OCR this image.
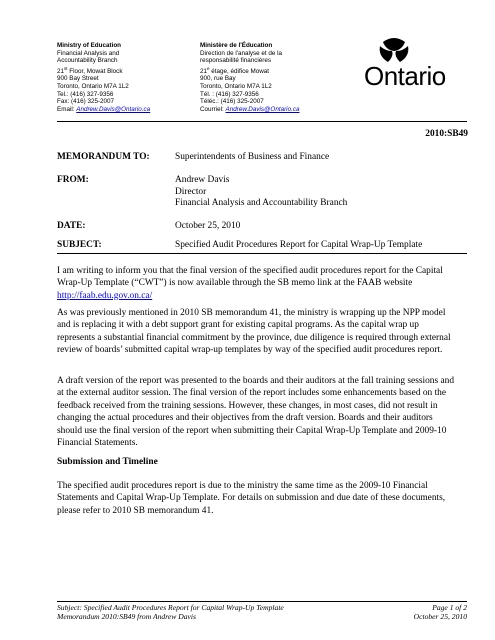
Ministry of Education
Financial Analysis and
Accountability Branch
21st Floor, Mowat Block
900 Bay Street
Toronto, Ontario M7A 1L2
Tel.: (416) 327-9356
Fax: (416) 325-2007
Email: Andrew.Davis@Ontario.ca
Ministère de l'Éducation
Direction de l'analyse et de la
responsabilité financières
21e étage, édifice Mowat
900, rue Bay
Toronto, Ontario M7A 1L2
Tél. : (416) 327-9356
Téléc.: (416) 325-2007
Courriel: Andrew.Davis@Ontario.ca
Ontario
2010:SB49
MEMORANDUM TO:	Superintendents of Business and Finance
FROM:	Andrew Davis
Director
Financial Analysis and Accountability Branch
DATE:	October 25, 2010
SUBJECT:	Specified Audit Procedures Report for Capital Wrap-Up Template
I am writing to inform you that the final version of the specified audit procedures report for the Capital Wrap-Up Template (“CWT”) is now available through the SB memo link at the FAAB website http://faab.edu.gov.on.ca/
As was previously mentioned in 2010 SB memorandum 41, the ministry is wrapping up the NPP model and is replacing it with a debt support grant for existing capital programs. As the capital wrap up represents a substantial financial commitment by the province, due diligence is required through external review of boards’ submitted capital wrap-up templates by way of the specified audit procedures report.
A draft version of the report was presented to the boards and their auditors at the fall training sessions and at the external auditor session. The final version of the report includes some enhancements based on the feedback received from the training sessions. However, these changes, in most cases, did not result in changing the actual procedures and their objectives from the draft version. Boards and their auditors should use the final version of the report when submitting their Capital Wrap-Up Template and 2009-10 Financial Statements.
Submission and Timeline
The specified audit procedures report is due to the ministry the same time as the 2009-10 Financial Statements and Capital Wrap-Up Template. For details on submission and due date of these documents, please refer to 2010 SB memorandum 41.
Subject: Specified Audit Procedures Report for Capital Wrap-Up Template
Memorandum 2010:SB49 from Andrew Davis
Page 1 of 2
October 25, 2010
